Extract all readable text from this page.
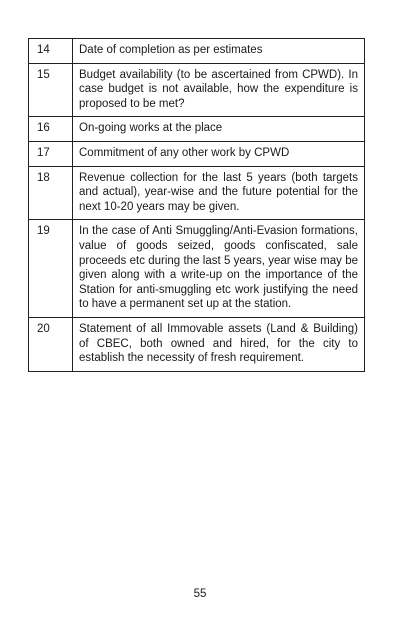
14	Date of completion as per estimates
15	Budget availability (to be ascertained from CPWD). In case budget is not available, how the expenditure is proposed to be met?
16	On-going works at the place
17	Commitment of any other work by CPWD
18	Revenue collection for the last 5 years (both targets and actual), year-wise and the future potential for the next 10-20 years may be given.
19	In the case of Anti Smuggling/Anti-Evasion formations, value of goods seized, goods confiscated, sale proceeds etc during the last 5 years, year wise may be given along with a write-up on the importance of the Station for anti-smuggling etc work justifying the need to have a permanent set up at the station.
20	Statement of all Immovable assets (Land & Building) of CBEC, both owned and hired, for the city to establish the necessity of fresh requirement.
55
